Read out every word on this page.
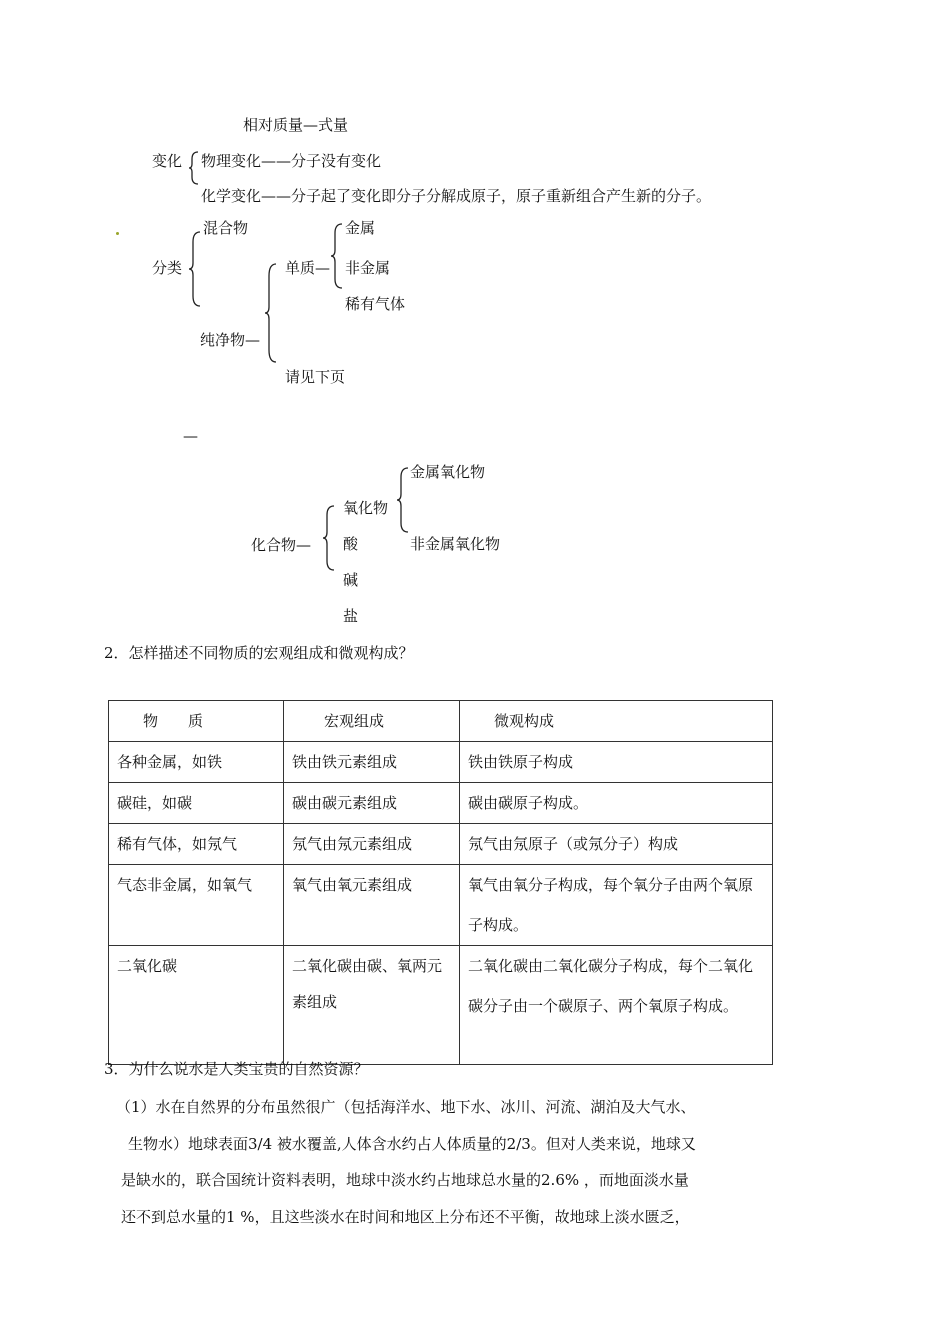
相对质量—式量
变化 物理变化——分子没有变化
化学变化——分子起了变化即分子分解成原子，原子重新组合产生新的分子。
分类
混合物
纯净物—
单质—
请见下页
金属
非金属
稀有气体
—
化合物—
氧化物
酸
碱
盐
金属氧化物
非金属氧化物
2．怎样描述不同物质的宏观组成和微观构成？
物　　质	宏观组成	微观构成
各种金属，如铁	铁由铁元素组成	铁由铁原子构成
碳硅，如碳	碳由碳元素组成	碳由碳原子构成。
稀有气体，如氖气	氖气由氖元素组成	氖气由氖原子（或氖分子）构成
气态非金属，如氧气	氧气由氧元素组成	氧气由氧分子构成，每个氧分子由两个氧原子构成。
二氧化碳	二氧化碳由碳、氧两元素组成	二氧化碳由二氧化碳分子构成，每个二氧化碳分子由一个碳原子、两个氧原子构成。
3．为什么说水是人类宝贵的自然资源？

（1）水在自然界的分布虽然很广（包括海洋水、地下水、冰川、河流、湖泊及大气水、

生物水）地球表面3/4 被水覆盖,人体含水约占人体质量的2/3。但对人类来说，地球又

是缺水的，联合国统计资料表明，地球中淡水约占地球总水量的2.6% ，而地面淡水量

还不到总水量的1 %，且这些淡水在时间和地区上分布还不平衡，故地球上淡水匮乏，
